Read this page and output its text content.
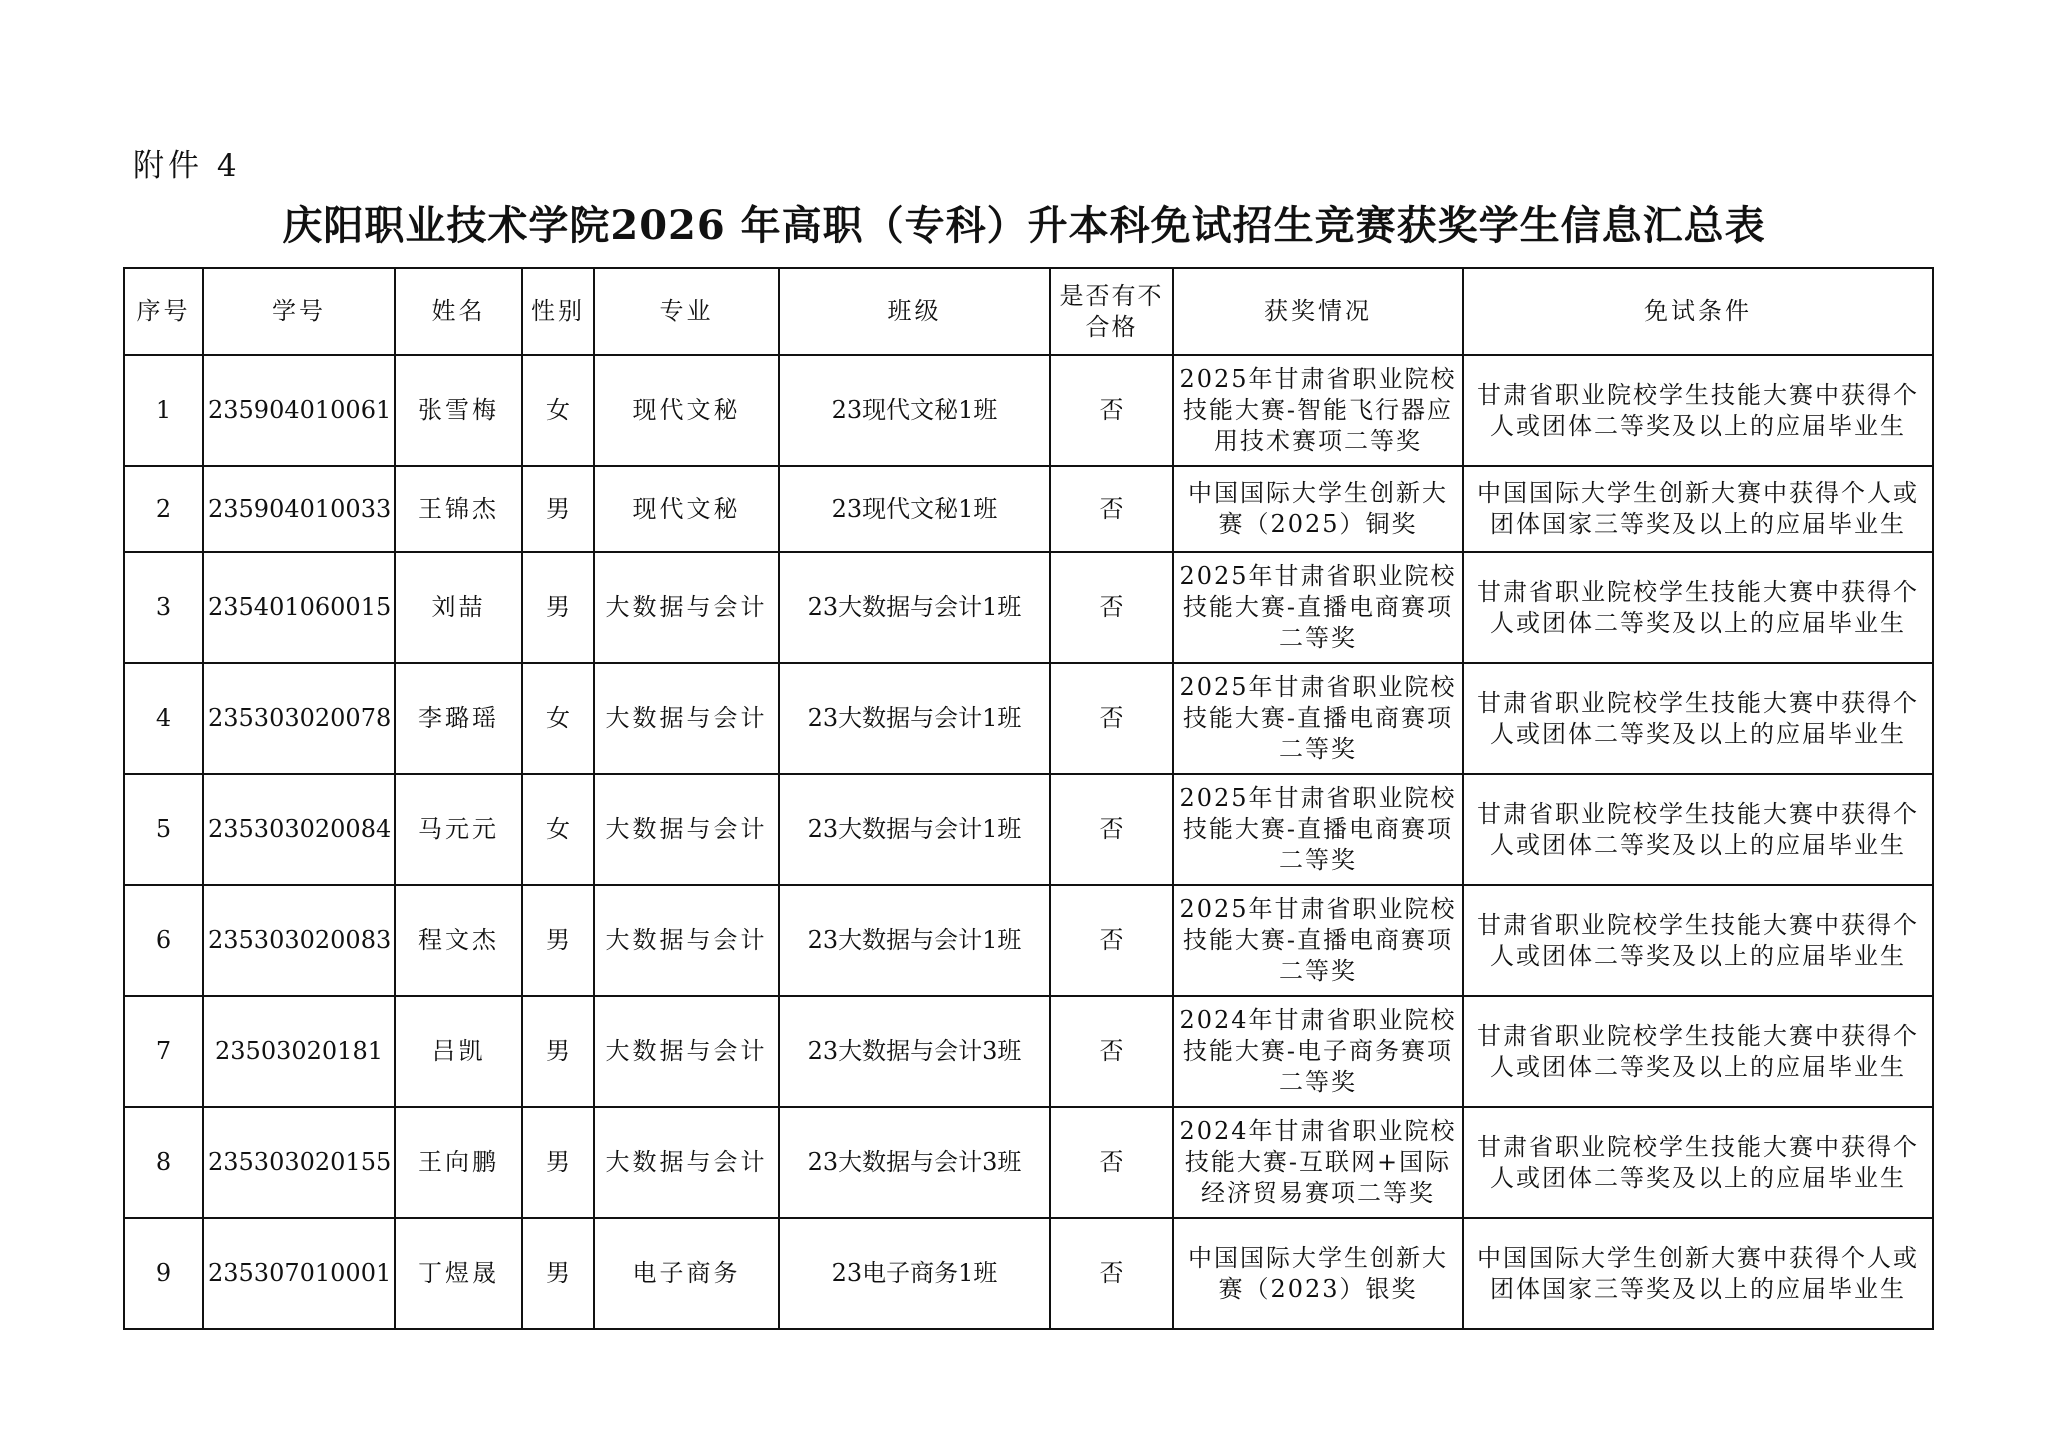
附件 4
庆阳职业技术学院2026 年高职（专科）升本科免试招生竞赛获奖学生信息汇总表
序号	学号	姓名	性别	专业	班级	是否有不合格	获奖情况	免试条件
1	235904010061	张雪梅	女	现代文秘	23现代文秘1班	否	2025年甘肃省职业院校技能大赛-智能飞行器应用技术赛项二等奖	甘肃省职业院校学生技能大赛中获得个人或团体二等奖及以上的应届毕业生
2	235904010033	王锦杰	男	现代文秘	23现代文秘1班	否	中国国际大学生创新大赛（2025）铜奖	中国国际大学生创新大赛中获得个人或团体国家三等奖及以上的应届毕业生
3	235401060015	刘喆	男	大数据与会计	23大数据与会计1班	否	2025年甘肃省职业院校技能大赛-直播电商赛项二等奖	甘肃省职业院校学生技能大赛中获得个人或团体二等奖及以上的应届毕业生
4	235303020078	李璐瑶	女	大数据与会计	23大数据与会计1班	否	2025年甘肃省职业院校技能大赛-直播电商赛项二等奖	甘肃省职业院校学生技能大赛中获得个人或团体二等奖及以上的应届毕业生
5	235303020084	马元元	女	大数据与会计	23大数据与会计1班	否	2025年甘肃省职业院校技能大赛-直播电商赛项二等奖	甘肃省职业院校学生技能大赛中获得个人或团体二等奖及以上的应届毕业生
6	235303020083	程文杰	男	大数据与会计	23大数据与会计1班	否	2025年甘肃省职业院校技能大赛-直播电商赛项二等奖	甘肃省职业院校学生技能大赛中获得个人或团体二等奖及以上的应届毕业生
7	23503020181	吕凯	男	大数据与会计	23大数据与会计3班	否	2024年甘肃省职业院校技能大赛-电子商务赛项二等奖	甘肃省职业院校学生技能大赛中获得个人或团体二等奖及以上的应届毕业生
8	235303020155	王向鹏	男	大数据与会计	23大数据与会计3班	否	2024年甘肃省职业院校技能大赛-互联网+国际经济贸易赛项二等奖	甘肃省职业院校学生技能大赛中获得个人或团体二等奖及以上的应届毕业生
9	235307010001	丁煜晟	男	电子商务	23电子商务1班	否	中国国际大学生创新大赛（2023）银奖	中国国际大学生创新大赛中获得个人或团体国家三等奖及以上的应届毕业生
